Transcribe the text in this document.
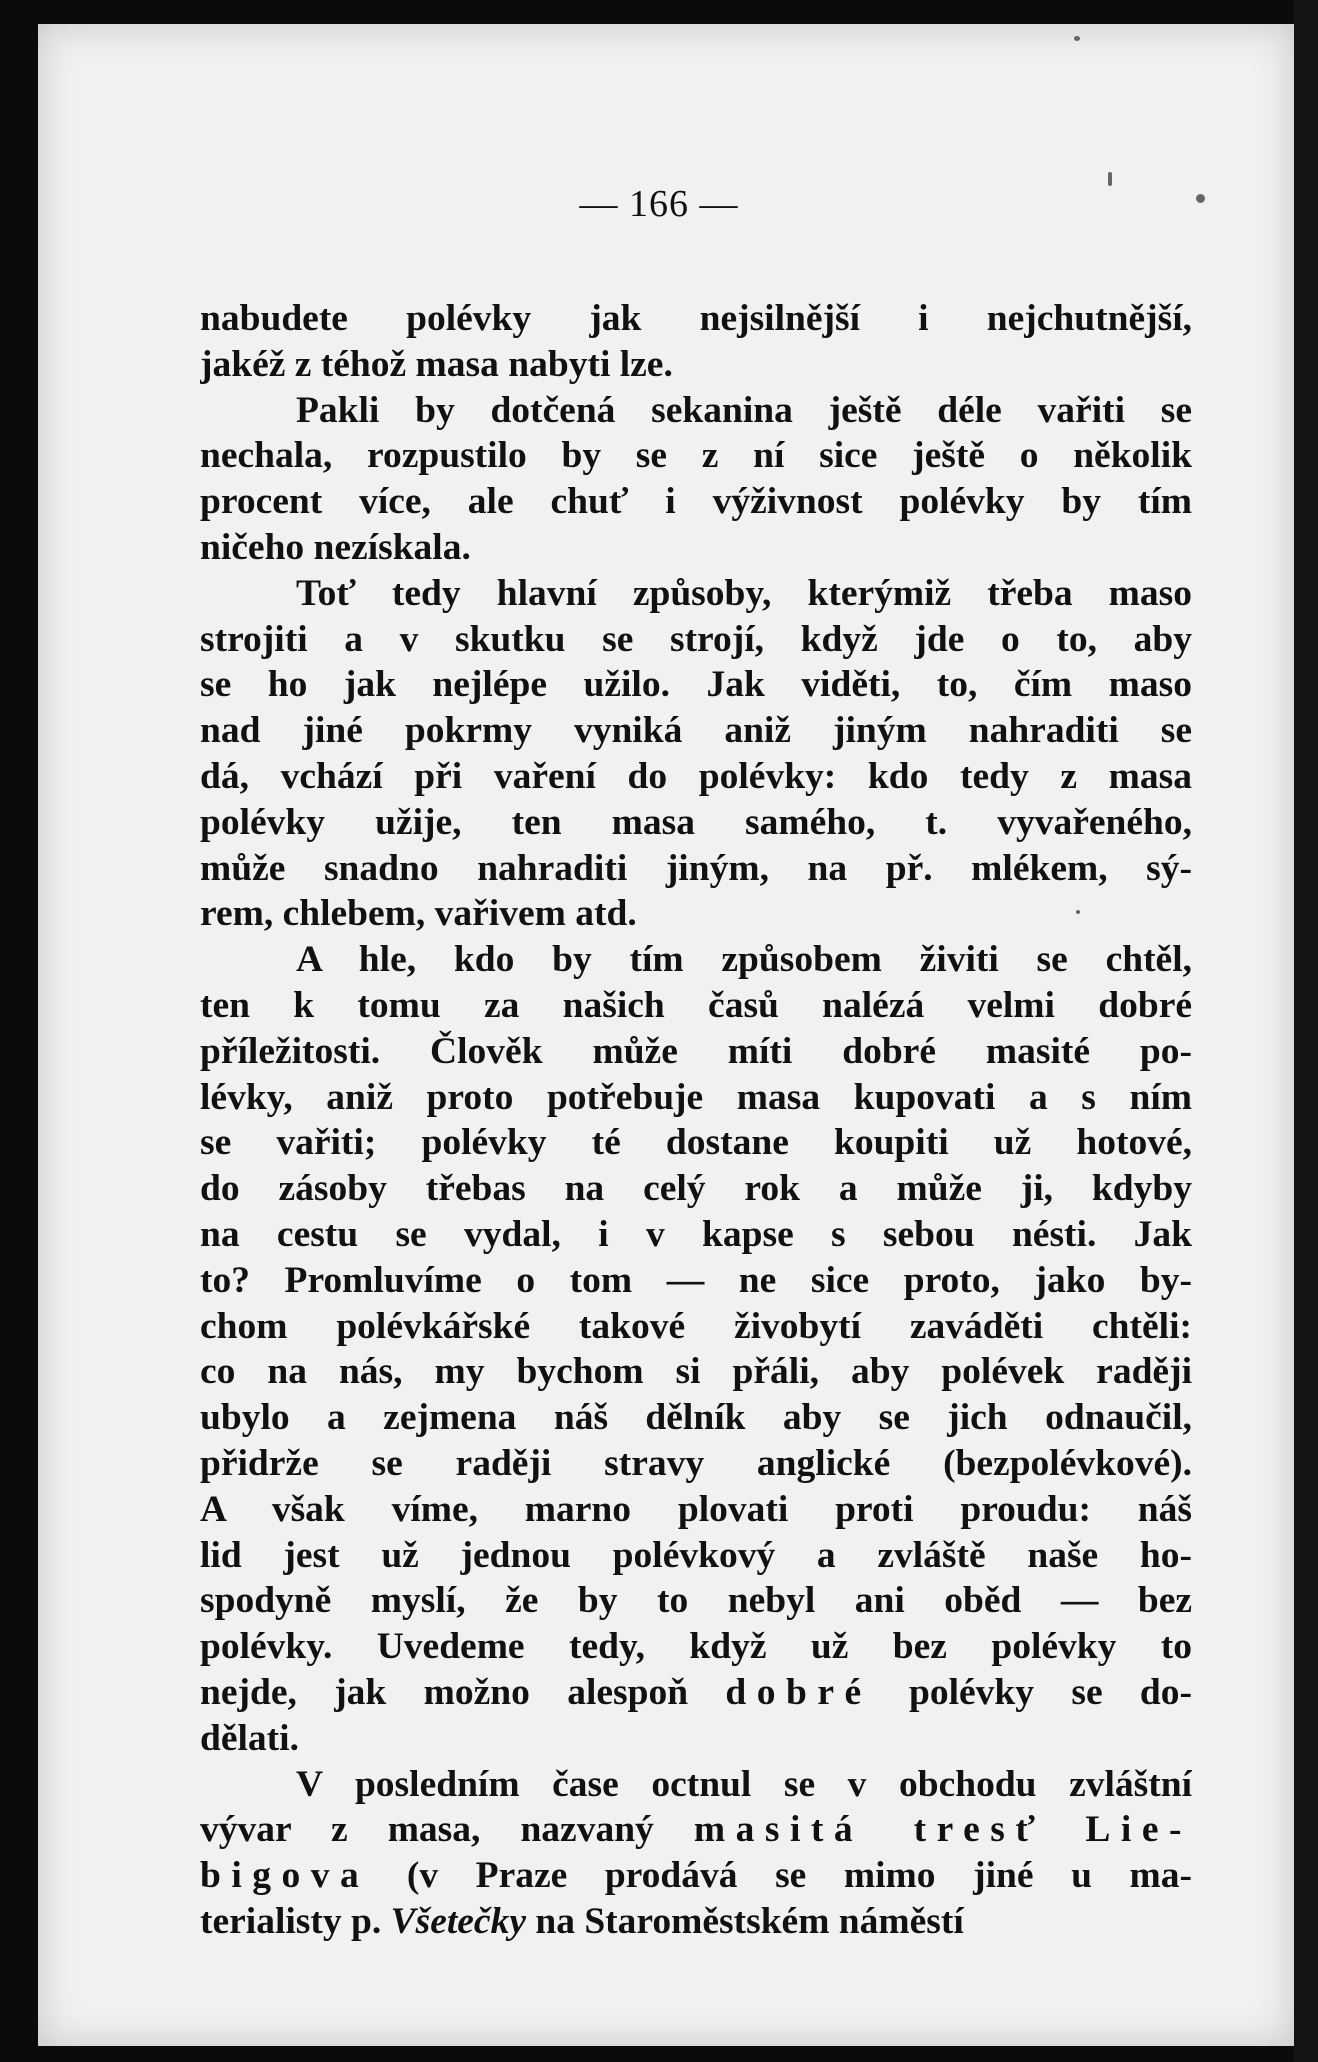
— 166 —
nabudete polévky jak nejsilnější i nejchutnější,
jakéž z téhož masa nabyti lze.
Pakli by dotčená sekanina ještě déle vařiti se
nechala, rozpustilo by se z ní sice ještě o několik
procent více, ale chuť i výživnost polévky by tím
ničeho nezískala.
Toť tedy hlavní způsoby, kterýmiž třeba maso
strojiti a v skutku se strojí, když jde o to, aby
se ho jak nejlépe užilo. Jak viděti, to, čím maso
nad jiné pokrmy vyniká aniž jiným nahraditi se
dá, vchází při vaření do polévky: kdo tedy z masa
polévky užije, ten masa samého, t. vyvařeného,
může snadno nahraditi jiným, na př. mlékem, sý-
rem, chlebem, vařivem atd.
A hle, kdo by tím způsobem živiti se chtěl,
ten k tomu za našich časů nalézá velmi dobré
příležitosti. Člověk může míti dobré masité po-
lévky, aniž proto potřebuje masa kupovati a s ním
se vařiti; polévky té dostane koupiti už hotové,
do zásoby třebas na celý rok a může ji, kdyby
na cestu se vydal, i v kapse s sebou nésti. Jak
to? Promluvíme o tom — ne sice proto, jako by-
chom polévkářské takové živobytí zaváděti chtěli:
co na nás, my bychom si přáli, aby polévek raději
ubylo a zejmena náš dělník aby se jich odnaučil,
přidrže se raději stravy anglické (bezpolévkové).
A však víme, marno plovati proti proudu: náš
lid jest už jednou polévkový a zvláště naše ho-
spodyně myslí, že by to nebyl ani oběd — bez
polévky. Uvedeme tedy, když už bez polévky to
nejde, jak možno alespoň dobré polévky se do-
dělati.
V posledním čase octnul se v obchodu zvláštní
vývar z masa, nazvaný masitá tresť Lie-
bigova (v Praze prodává se mimo jiné u ma-
terialisty p. Všetečky na Staroměstském náměstí
